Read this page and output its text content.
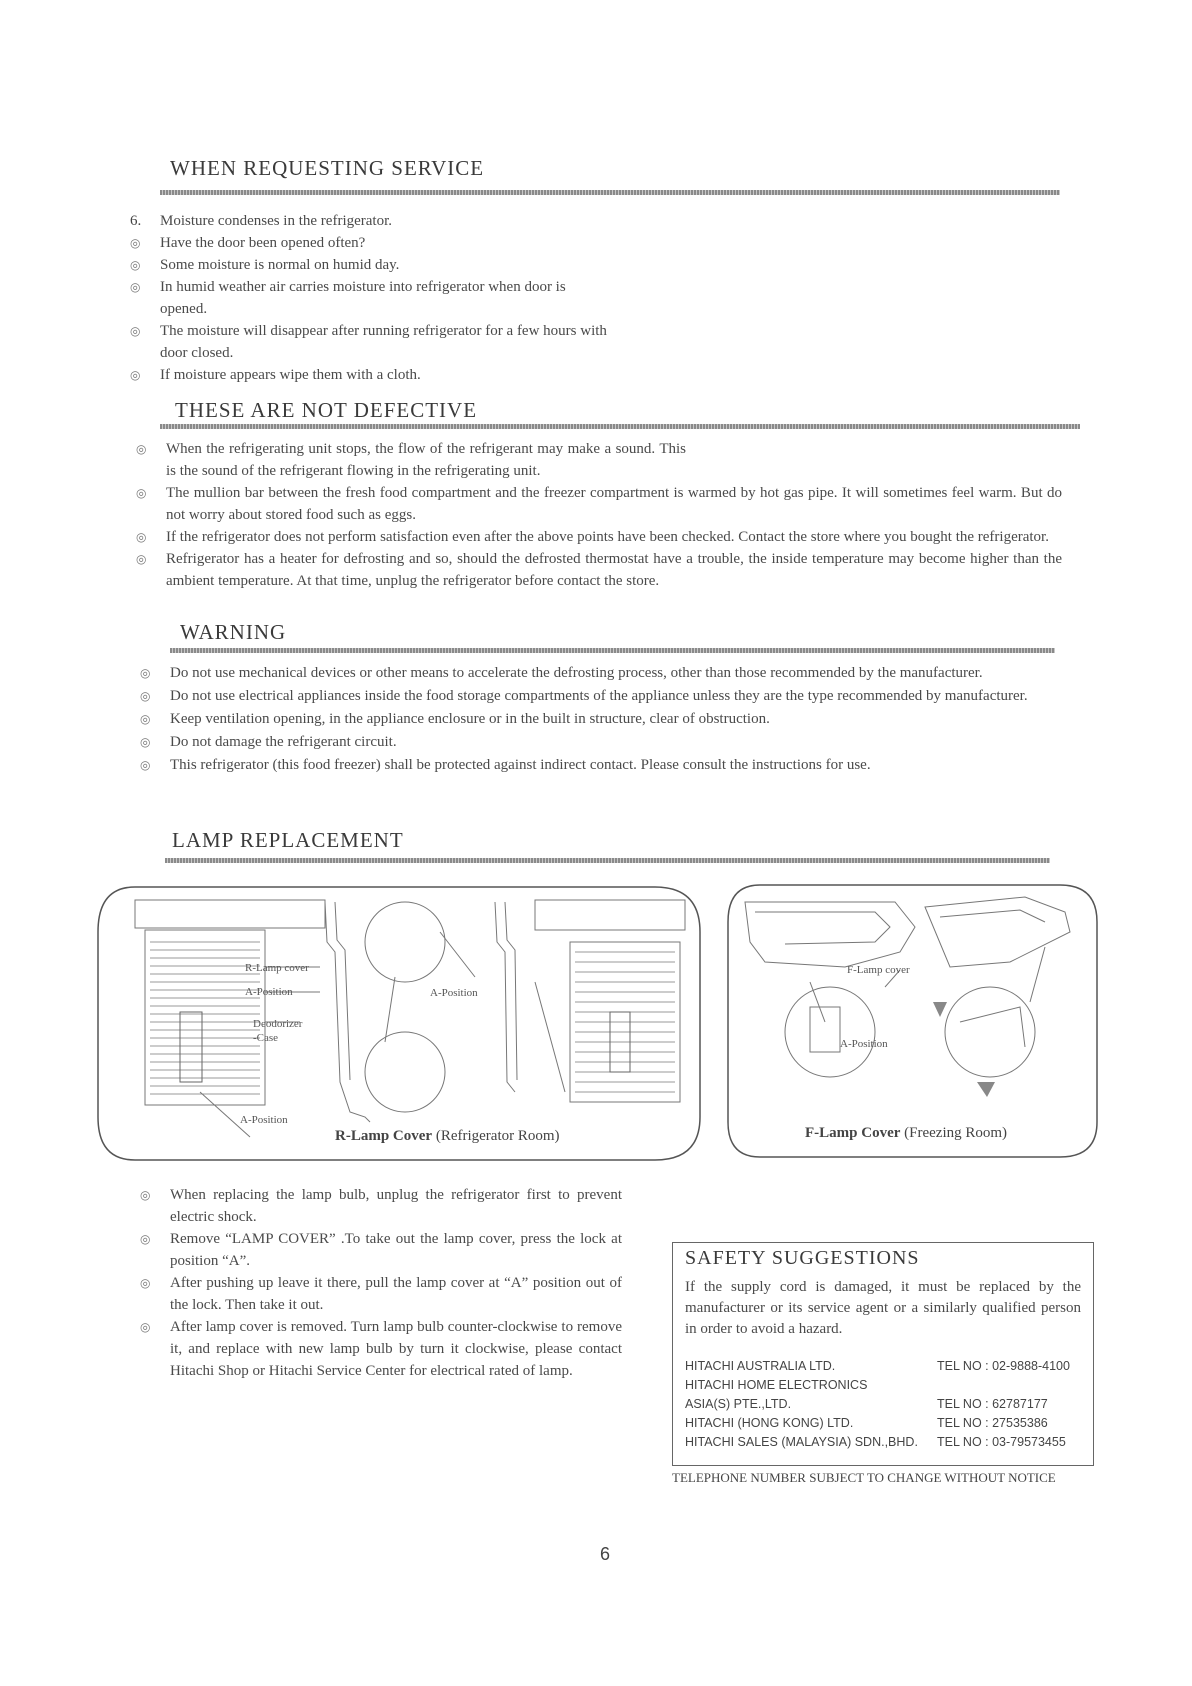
WHEN REQUESTING SERVICE
6.	Moisture condenses in the refrigerator.
◎	Have the door been opened often?
◎	Some moisture is normal on humid day.
◎	In humid weather air carries moisture into refrigerator when door is opened.
◎	The moisture will disappear after running refrigerator for a few hours with door closed.
◎	If moisture appears wipe them with a cloth.
THESE ARE NOT DEFECTIVE
◎	When the refrigerating unit stops, the flow of the refrigerant may make a sound. This is the sound of the refrigerant flowing in the refrigerating unit.
◎	The mullion bar between the fresh food compartment and the freezer compartment is warmed by hot gas pipe. It will sometimes feel warm. But do not worry about stored food such as eggs.
◎	If the refrigerator does not perform satisfaction even after the above points have been checked. Contact the store where you bought the refrigerator.
◎	Refrigerator has a heater for defrosting and so, should the defrosted thermostat have a trouble, the inside temperature may become higher than the ambient temperature. At that time, unplug the refrigerator before contact the store.
WARNING
◎	Do not use mechanical devices or other means to accelerate the defrosting process, other than those recommended by the manufacturer.
◎	Do not use electrical appliances inside the food storage compartments of the appliance unless they are the type recommended by manufacturer.
◎	Keep ventilation opening, in the appliance enclosure or in the built in structure, clear of obstruction.
◎	Do not damage the refrigerant circuit.
◎	This refrigerator (this food freezer) shall be protected against indirect contact. Please consult the instructions for use.
LAMP REPLACEMENT
R-Lamp cover
A-Position
Deodorizer
-Case
A-Position
A-Position
R-Lamp Cover (Refrigerator Room)
F-Lamp cover
A-Position
F-Lamp Cover (Freezing Room)
◎	When replacing the lamp bulb, unplug the refrigerator first to prevent electric shock.
◎	Remove “LAMP COVER” .To take out the lamp cover, press the lock at position “A”.
◎	After pushing up leave it there, pull the lamp cover at “A” position out of the lock. Then take it out.
◎	After lamp cover is removed. Turn lamp bulb counter-clockwise to remove it, and replace with new lamp bulb by turn it clockwise, please contact Hitachi Shop or Hitachi Service Center for electrical rated of lamp.
SAFETY SUGGESTIONS
If the supply cord is damaged, it must be replaced by the manufacturer or its service agent or a similarly qualified person in order to avoid a hazard.
HITACHI AUSTRALIA LTD.	TEL NO : 02-9888-4100
HITACHI HOME ELECTRONICS
ASIA(S) PTE.,LTD.	TEL NO : 62787177
HITACHI (HONG KONG) LTD.	TEL NO : 27535386
HITACHI SALES (MALAYSIA) SDN.,BHD.	TEL NO : 03-79573455
TELEPHONE NUMBER SUBJECT TO CHANGE WITHOUT NOTICE
6
